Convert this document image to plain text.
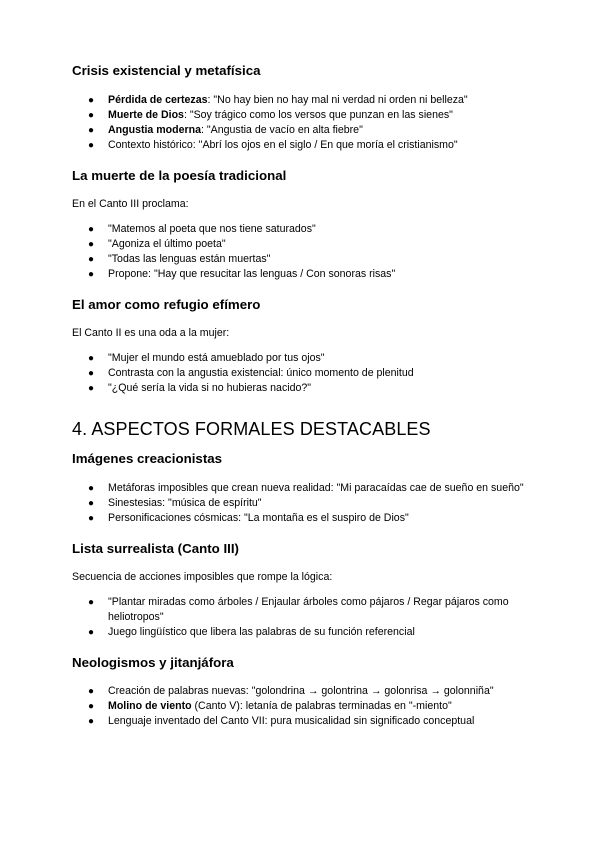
Crisis existencial y metafísica
● Pérdida de certezas: "No hay bien no hay mal ni verdad ni orden ni belleza"
● Muerte de Dios: "Soy trágico como los versos que punzan en las sienes"
● Angustia moderna: "Angustia de vacío en alta fiebre"
● Contexto histórico: "Abrí los ojos en el siglo / En que moría el cristianismo"
La muerte de la poesía tradicional

En el Canto III proclama:

● "Matemos al poeta que nos tiene saturados"
● "Agoniza el último poeta"
● "Todas las lenguas están muertas"
● Propone: "Hay que resucitar las lenguas / Con sonoras risas"
El amor como refugio efímero

El Canto II es una oda a la mujer:

● "Mujer el mundo está amueblado por tus ojos"
● Contrasta con la angustia existencial: único momento de plenitud
● "¿Qué sería la vida si no hubieras nacido?"
4. ASPECTOS FORMALES DESTACABLES
Imágenes creacionistas
● Metáforas imposibles que crean nueva realidad: "Mi paracaídas cae de sueño en sueño"
● Sinestesias: "música de espíritu"
● Personificaciones cósmicas: "La montaña es el suspiro de Dios"
Lista surrealista (Canto III)

Secuencia de acciones imposibles que rompe la lógica:

● "Plantar miradas como árboles / Enjaular árboles como pájaros / Regar pájaros como heliotropos"
● Juego lingüístico que libera las palabras de su función referencial
Neologismos y jitanjáfora
● Creación de palabras nuevas: "golondrina → golontrina → golonrisa → golonniña"
● Molino de viento (Canto V): letanía de palabras terminadas en "-miento"
● Lenguaje inventado del Canto VII: pura musicalidad sin significado conceptual
